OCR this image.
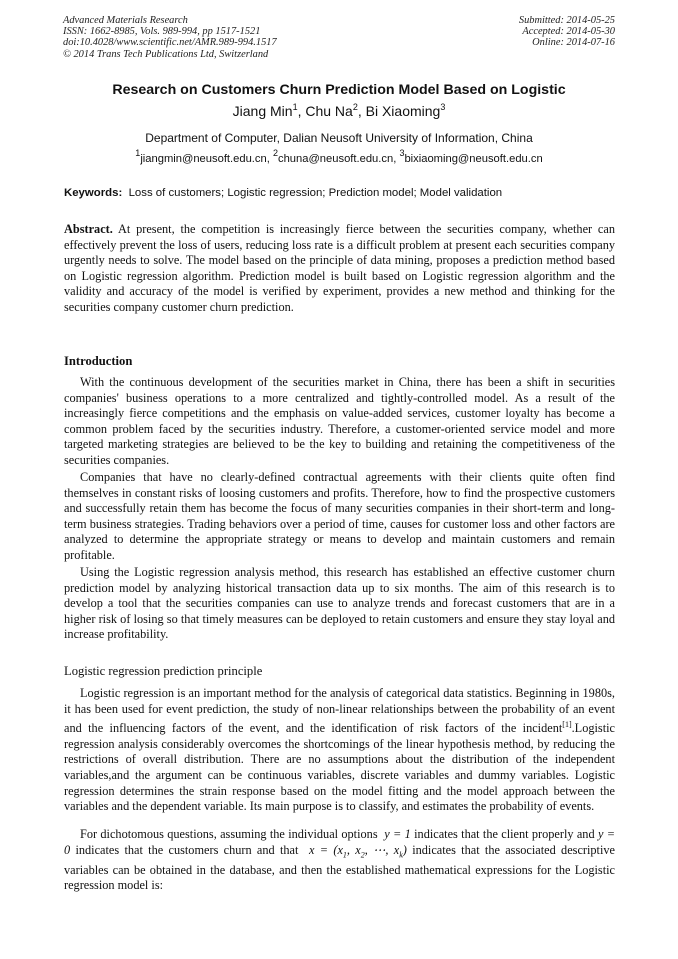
Advanced Materials Research
ISSN: 1662-8985, Vols. 989-994, pp 1517-1521
doi:10.4028/www.scientific.net/AMR.989-994.1517
© 2014 Trans Tech Publications Ltd, Switzerland
Submitted: 2014-05-25
Accepted: 2014-05-30
Online: 2014-07-16
Research on Customers Churn Prediction Model Based on Logistic
Jiang Min$^1$, Chu Na$^2$, Bi Xiaoming$^3$
Department of Computer, Dalian Neusoft University of Information, China
$^1$jiangmin@neusoft.edu.cn, $^2$chuna@neusoft.edu.cn, $^3$bixiaoming@neusoft.edu.cn
Keywords: Loss of customers; Logistic regression; Prediction model; Model validation
Abstract. At present, the competition is increasingly fierce between the securities company, whether can effectively prevent the loss of users, reducing loss rate is a difficult problem at present each securities company urgently needs to solve. The model based on the principle of data mining, proposes a prediction method based on Logistic regression algorithm. Prediction model is built based on Logistic regression algorithm and the validity and accuracy of the model is verified by experiment, provides a new method and thinking for the securities company customer churn prediction.
Introduction
With the continuous development of the securities market in China, there has been a shift in securities companies' business operations to a more centralized and tightly-controlled model. As a result of the increasingly fierce competitions and the emphasis on value-added services, customer loyalty has become a common problem faced by the securities industry. Therefore, a customer-oriented service model and more targeted marketing strategies are believed to be the key to building and retaining the competitiveness of the securities companies.
Companies that have no clearly-defined contractual agreements with their clients quite often find themselves in constant risks of loosing customers and profits. Therefore, how to find the prospective customers and successfully retain them has become the focus of many securities companies in their short-term and long-term business strategies. Trading behaviors over a period of time, causes for customer loss and other factors are analyzed to determine the appropriate strategy or means to develop and maintain customers and remain profitable.
Using the Logistic regression analysis method, this research has established an effective customer churn prediction model by analyzing historical transaction data up to six months. The aim of this research is to develop a tool that the securities companies can use to analyze trends and forecast customers that are in a higher risk of losing so that timely measures can be deployed to retain customers and ensure they stay loyal and increase profitability.
Logistic regression prediction principle
Logistic regression is an important method for the analysis of categorical data statistics. Beginning in 1980s, it has been used for event prediction, the study of non-linear relationships between the probability of an event and the influencing factors of the event, and the identification of risk factors of the incident[1].Logistic regression analysis considerably overcomes the shortcomings of the linear hypothesis method, by reducing the restrictions of overall distribution. There are no assumptions about the distribution of the independent variables,and the argument can be continuous variables, discrete variables and dummy variables. Logistic regression determines the strain response based on the model fitting and the model approach between the variables and the dependent variable. Its main purpose is to classify, and estimates the probability of events.
For dichotomous questions, assuming the individual options y = 1 indicates that the client properly and y = 0 indicates that the customers churn and that $x = (x_1$, $x_2$, ⋯, $x_k$) indicates that the associated descriptive variables can be obtained in the database, and then the established mathematical expressions for the Logistic regression model is:
